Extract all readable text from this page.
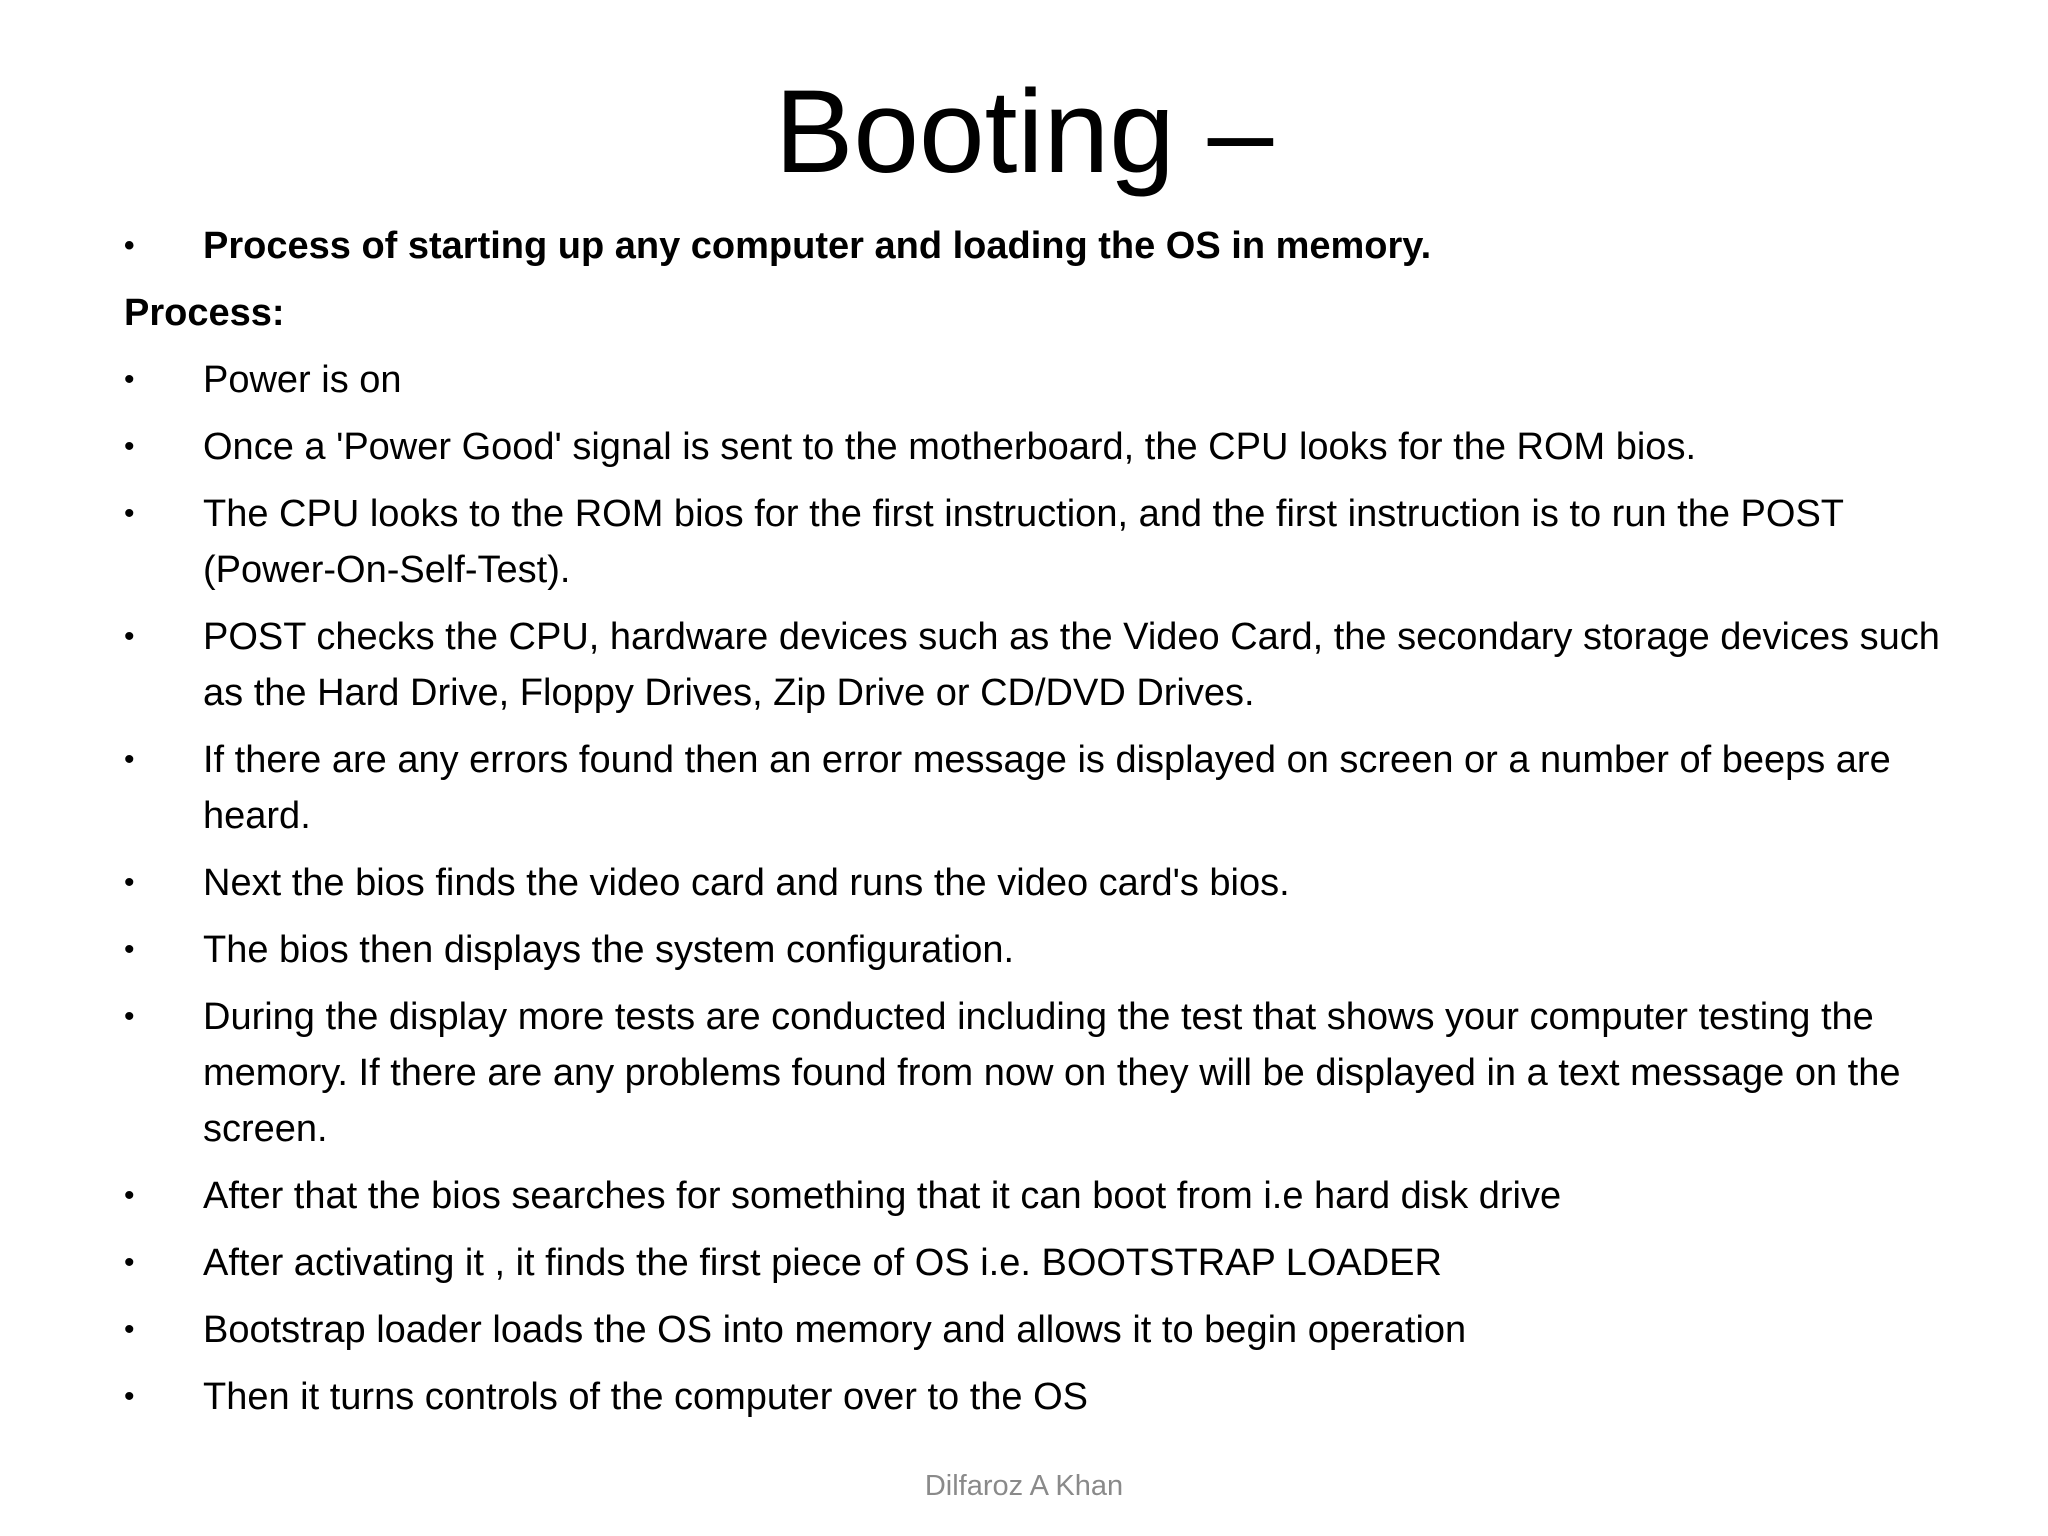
Booting –
•	Process of starting up any computer and loading the OS in memory.
Process:
•	Power is on
•	Once a 'Power Good' signal is sent to the motherboard, the CPU looks for the ROM bios.
•	The CPU looks to the ROM bios for the first instruction, and the first instruction is to run the POST (Power-On-Self-Test).
•	POST checks the CPU, hardware devices such as the Video Card, the secondary storage devices such as the Hard Drive, Floppy Drives, Zip Drive or CD/DVD Drives.
•	If there are any errors found then an error message is displayed on screen or a number of beeps are heard.
•	Next the bios finds the video card and runs the video card's bios.
•	The bios then displays the system configuration.
•	During the display more tests are conducted including the test that shows your computer testing the memory. If there are any problems found from now on they will be displayed in a text message on the screen.
•	After that the bios searches for something that it can boot from i.e hard disk drive
•	After activating it , it finds the first piece of OS i.e. BOOTSTRAP LOADER
•	Bootstrap loader loads the OS into memory and allows it to begin operation
•	Then it turns controls of the computer over to the OS
Dilfaroz A Khan
